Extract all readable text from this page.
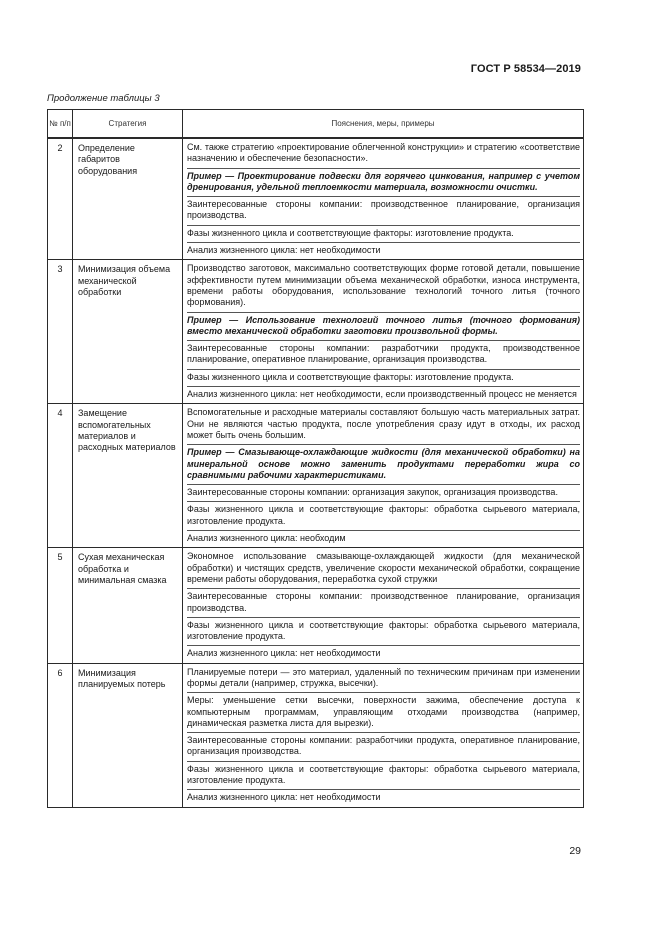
ГОСТ Р 58534—2019
Продолжение таблицы 3
№ п/п	Стратегия	Пояснения, меры, примеры
2	Определение габаритов оборудования	См. также стратегию «проектирование облегченной конструкции» и стратегию «соответствие назначению и обеспечение безопасности».
Пример — Проектирование подвески для горячего цинкования, например с учетом дренирования, удельной теплоемкости материала, возможности очистки.
Заинтересованные стороны компании: производственное планирование, организация производства.
Фазы жизненного цикла и соответствующие факторы: изготовление продукта.
Анализ жизненного цикла: нет необходимости

3	Минимизация объема механической обработки	Производство заготовок, максимально соответствующих форме готовой детали, повышение эффективности путем минимизации объема механической обработки, износа инструмента, времени работы оборудования, использование технологий точного литья (точного формования).
Пример — Использование технологий точного литья (точного формования) вместо механической обработки заготовки произвольной формы.
Заинтересованные стороны компании: разработчики продукта, производственное планирование, оперативное планирование, организация производства.
Фазы жизненного цикла и соответствующие факторы: изготовление продукта.
Анализ жизненного цикла: нет необходимости, если производственный процесс не меняется

4	Замещение вспомогательных материалов и расходных материалов	Вспомогательные и расходные материалы составляют большую часть материальных затрат. Они не являются частью продукта, после употребления сразу идут в отходы, их расход может быть очень большим.
Пример — Смазывающе-охлаждающие жидкости (для механической обработки) на минеральной основе можно заменить продуктами переработки жира со сравнимыми рабочими характеристиками.
Заинтересованные стороны компании: организация закупок, организация производства.
Фазы жизненного цикла и соответствующие факторы: обработка сырьевого материала, изготовление продукта.
Анализ жизненного цикла: необходим

5	Сухая механическая обработка и минимальная смазка	Экономное использование смазывающе-охлаждающей жидкости (для механической обработки) и чистящих средств, увеличение скорости механической обработки, сокращение времени работы оборудования, переработка сухой стружки
Заинтересованные стороны компании: производственное планирование, организация производства.
Фазы жизненного цикла и соответствующие факторы: обработка сырьевого материала, изготовление продукта.
Анализ жизненного цикла: нет необходимости

6	Минимизация планируемых потерь	Планируемые потери — это материал, удаленный по техническим причинам при изменении формы детали (например, стружка, высечки).
Меры: уменьшение сетки высечки, поверхности зажима, обеспечение доступа к компьютерным программам, управляющим отходами производства (например, динамическая разметка листа для вырезки).
Заинтересованные стороны компании: разработчики продукта, оперативное планирование, организация производства.
Фазы жизненного цикла и соответствующие факторы: обработка сырьевого материала, изготовление продукта.
Анализ жизненного цикла: нет необходимости
29
